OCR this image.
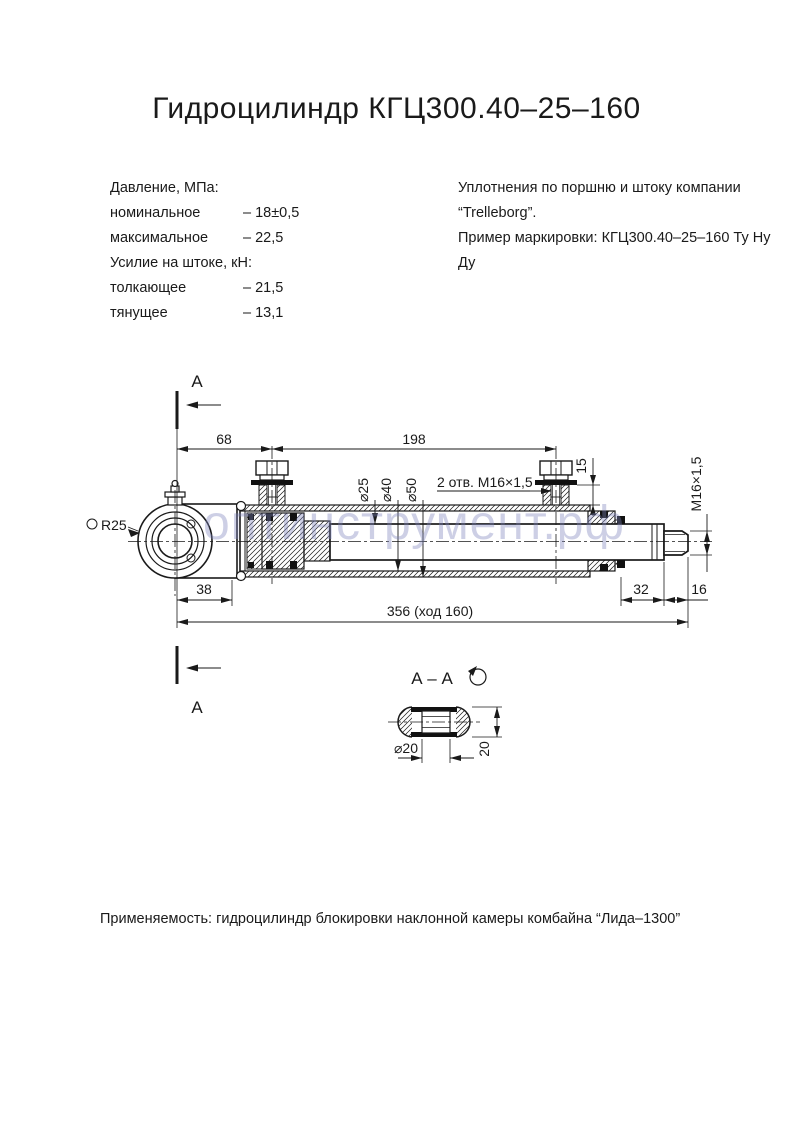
Гидроцилиндр КГЦ300.40–25–160
Давление, МПа:
номинальное	– 18±0,5
максимальное	– 22,5
Усилие на штоке, кН:
толкающее	– 21,5
тянущее	– 13,1
Уплотнения по поршню и штоку компании
“Trelleborg”.
Пример маркировки: КГЦ300.40–25–160 Ту Ну Ду
А
А
68	198
⌀25 ⌀40 ⌀50 2 отв. М16×1,5
15	М16×1,5
R25
38	32	16
356 (ход 160)
А – А
⌀20	20
оптинструмент.рф
Применяемость: гидроцилиндр блокировки наклонной камеры комбайна “Лида–1300”
